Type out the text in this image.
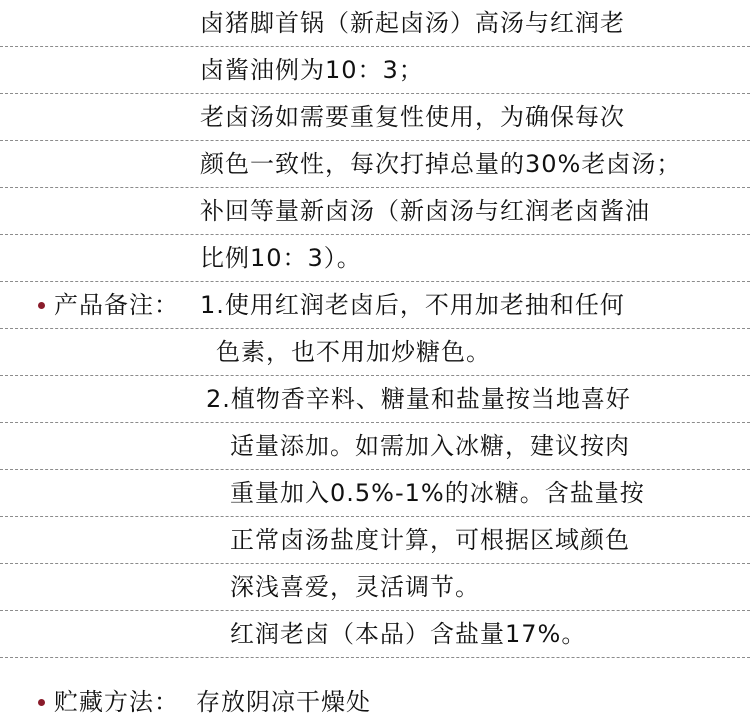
卤猪脚首锅（新起卤汤）高汤与红润老
卤酱油例为10：3；
老卤汤如需要重复性使用，为确保每次
颜色一致性，每次打掉总量的30%老卤汤；
补回等量新卤汤（新卤汤与红润老卤酱油
比例10：3）。
产品备注： 1.使用红润老卤后，不用加老抽和任何
色素，也不用加炒糖色。
2.植物香辛料、糖量和盐量按当地喜好
适量添加。如需加入冰糖，建议按肉
重量加入0.5%-1%的冰糖。含盐量按
正常卤汤盐度计算，可根据区域颜色
深浅喜爱，灵活调节。
红润老卤（本品）含盐量17%。
贮藏方法： 存放阴凉干燥处
